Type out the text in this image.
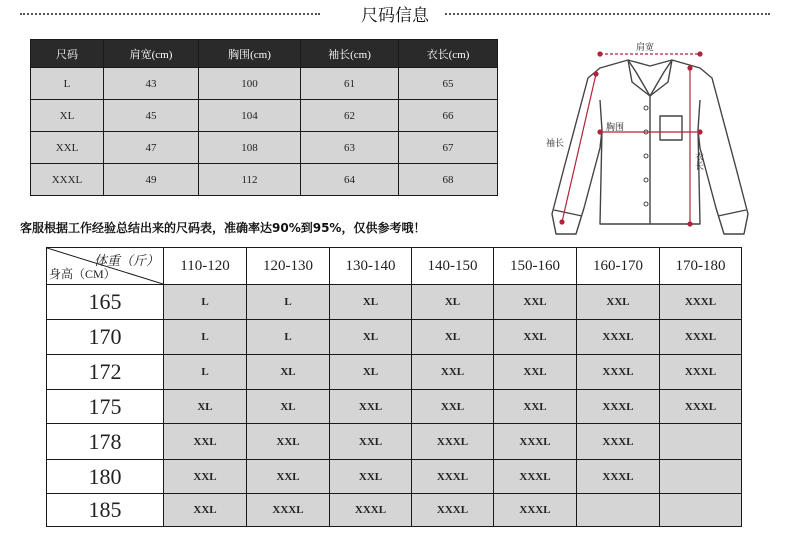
尺码信息
尺码	肩宽(cm)	胸围(cm)	袖长(cm)	衣长(cm)
L	43	100	61	65
XL	45	104	62	66
XXL	47	108	63	67
XXXL	49	112	64	68
肩宽
胸围
袖长
衣长
客服根据工作经验总结出来的尺码表，准确率达90%到95%，仅供参考哦！
体重（斤）
身高（CM）	110-120	120-130	130-140	140-150	150-160	160-170	170-180
165	L	L	XL	XL	XXL	XXL	XXXL
170	L	L	XL	XL	XXL	XXXL	XXXL
172	L	XL	XL	XXL	XXL	XXXL	XXXL
175	XL	XL	XXL	XXL	XXL	XXXL	XXXL
178	XXL	XXL	XXL	XXXL	XXXL	XXXL	
180	XXL	XXL	XXL	XXXL	XXXL	XXXL	
185	XXL	XXXL	XXXL	XXXL	XXXL		
